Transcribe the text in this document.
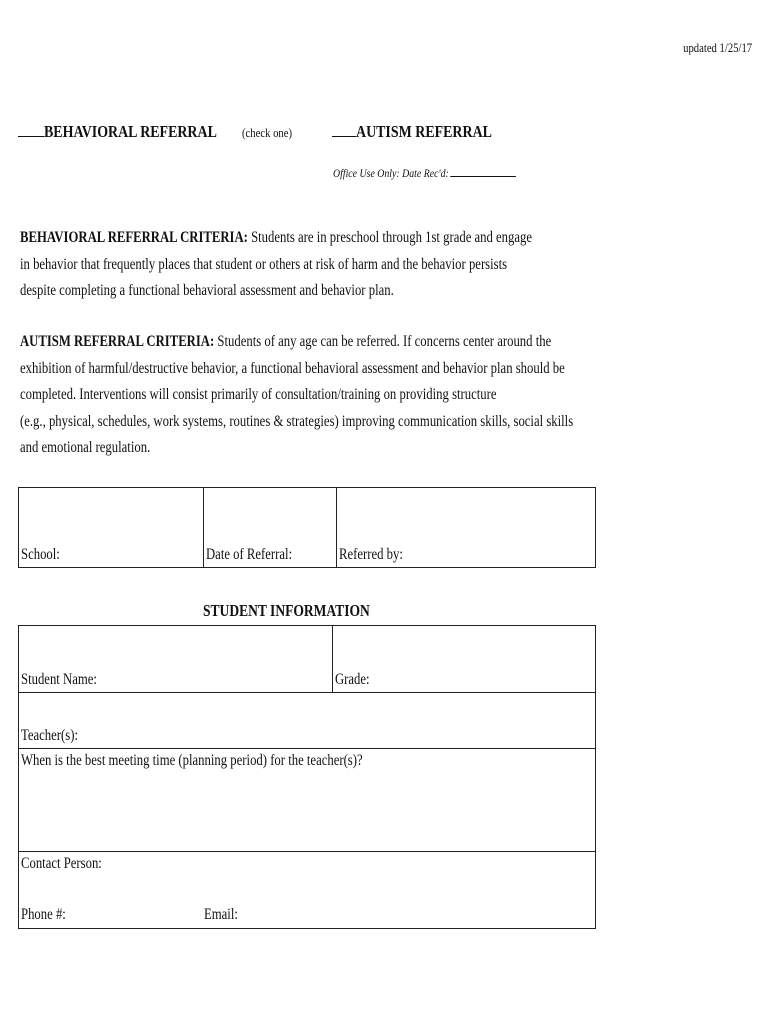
updated 1/25/17
BEHAVIORAL REFERRAL	(check one)	AUTISM REFERRAL
Office Use Only: Date Rec'd:
BEHAVIORAL REFERRAL CRITERIA: Students are in preschool through 1st grade and engage
in behavior that frequently places that student or others at risk of harm and the behavior persists
despite completing a functional behavioral assessment and behavior plan.
AUTISM REFERRAL CRITERIA: Students of any age can be referred. If concerns center around the
exhibition of harmful/destructive behavior, a functional behavioral assessment and behavior plan should be
completed. Interventions will consist primarily of consultation/training on providing structure
(e.g., physical, schedules, work systems, routines & strategies) improving communication skills, social skills
and emotional regulation.
School:	Date of Referral:	Referred by:
STUDENT INFORMATION
Student Name:	Grade:
Teacher(s):
When is the best meeting time (planning period) for the teacher(s)?
Contact Person:
Phone #:	Email:
